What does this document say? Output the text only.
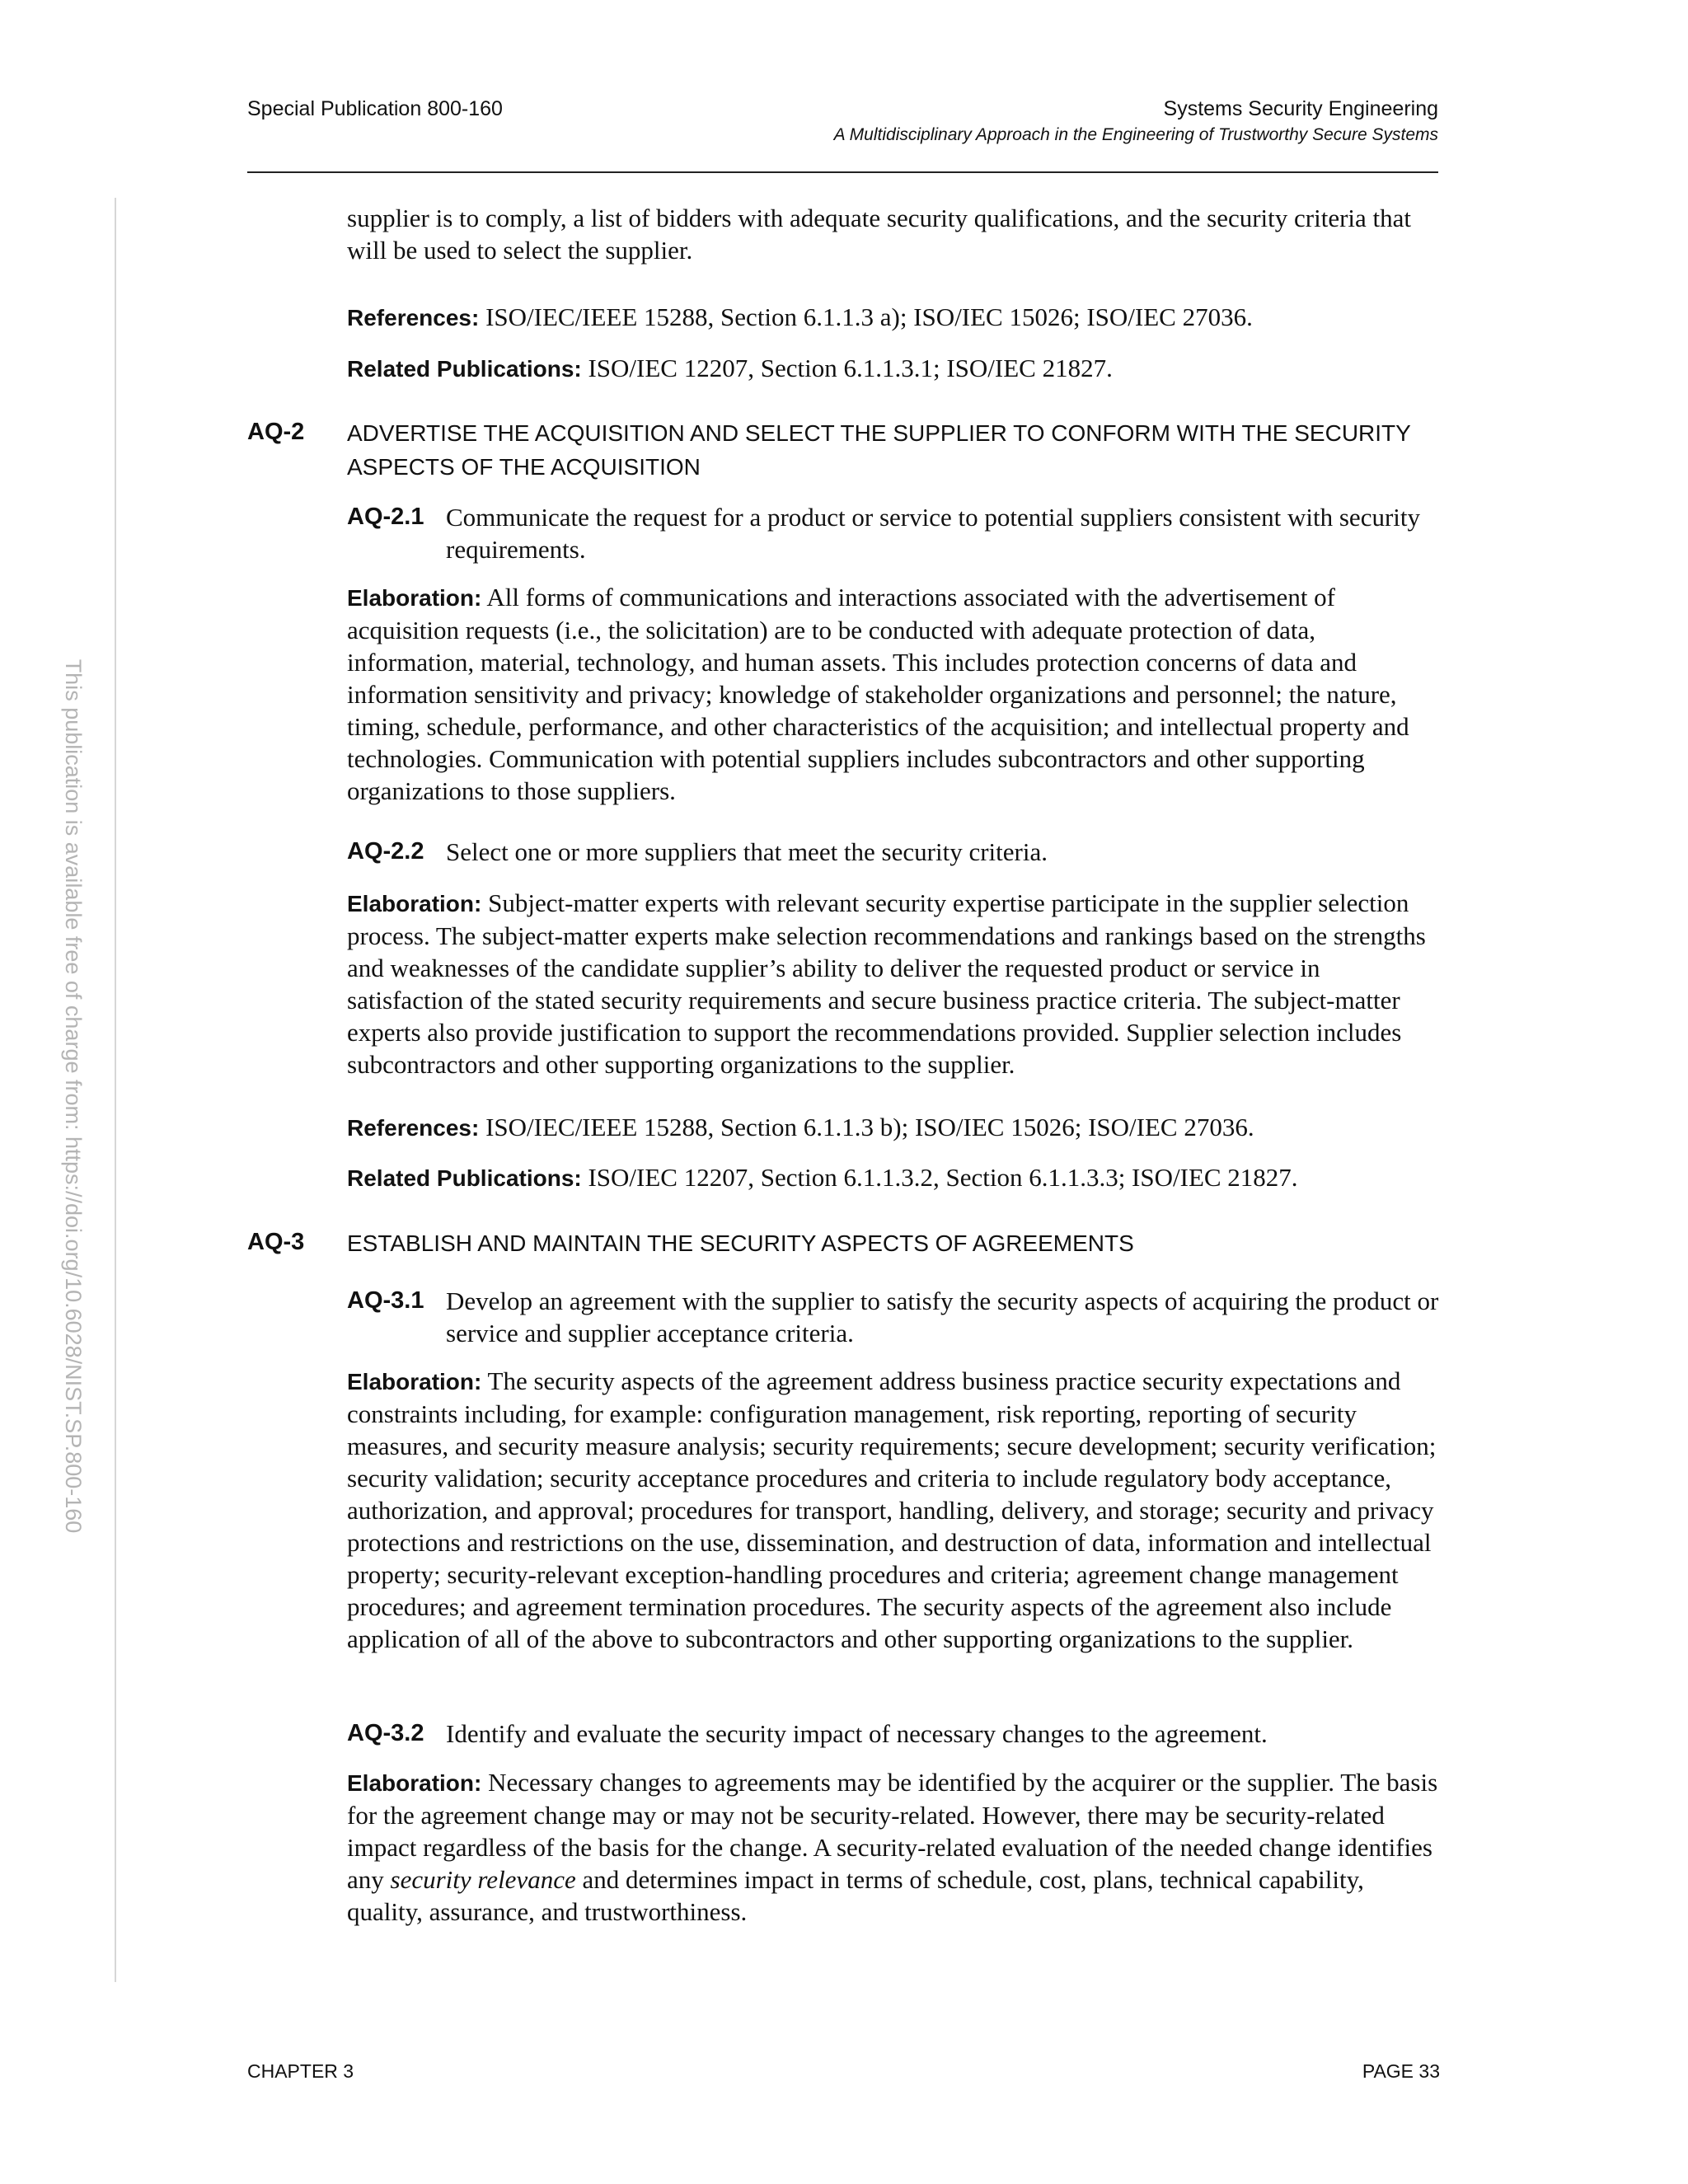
Special Publication 800-160	Systems Security Engineering
A Multidisciplinary Approach in the Engineering of Trustworthy Secure Systems
This publication is available free of charge from: https://doi.org/10.6028/NIST.SP.800-160
supplier is to comply, a list of bidders with adequate security qualifications, and the security criteria that will be used to select the supplier.
References: ISO/IEC/IEEE 15288, Section 6.1.1.3 a); ISO/IEC 15026; ISO/IEC 27036.
Related Publications: ISO/IEC 12207, Section 6.1.1.3.1; ISO/IEC 21827.
AQ-2 ADVERTISE THE ACQUISITION AND SELECT THE SUPPLIER TO CONFORM WITH THE SECURITY
ASPECTS OF THE ACQUISITION
AQ-2.1 Communicate the request for a product or service to potential suppliers consistent with security requirements.
Elaboration: All forms of communications and interactions associated with the advertisement of acquisition requests (i.e., the solicitation) are to be conducted with adequate protection of data, information, material, technology, and human assets. This includes protection concerns of data and information sensitivity and privacy; knowledge of stakeholder organizations and personnel; the nature, timing, schedule, performance, and other characteristics of the acquisition; and intellectual property and technologies. Communication with potential suppliers includes subcontractors and other supporting organizations to those suppliers.
AQ-2.2 Select one or more suppliers that meet the security criteria.
Elaboration: Subject-matter experts with relevant security expertise participate in the supplier selection process. The subject-matter experts make selection recommendations and rankings based on the strengths and weaknesses of the candidate supplier’s ability to deliver the requested product or service in satisfaction of the stated security requirements and secure business practice criteria. The subject-matter experts also provide justification to support the recommendations provided. Supplier selection includes subcontractors and other supporting organizations to the supplier.
References: ISO/IEC/IEEE 15288, Section 6.1.1.3 b); ISO/IEC 15026; ISO/IEC 27036.
Related Publications: ISO/IEC 12207, Section 6.1.1.3.2, Section 6.1.1.3.3; ISO/IEC 21827.
AQ-3 ESTABLISH AND MAINTAIN THE SECURITY ASPECTS OF AGREEMENTS
AQ-3.1 Develop an agreement with the supplier to satisfy the security aspects of acquiring the product or service and supplier acceptance criteria.
Elaboration: The security aspects of the agreement address business practice security expectations and constraints including, for example: configuration management, risk reporting, reporting of security measures, and security measure analysis; security requirements; secure development; security verification; security validation; security acceptance procedures and criteria to include regulatory body acceptance, authorization, and approval; procedures for transport, handling, delivery, and storage; security and privacy protections and restrictions on the use, dissemination, and destruction of data, information and intellectual property; security-relevant exception-handling procedures and criteria; agreement change management procedures; and agreement termination procedures. The security aspects of the agreement also include application of all of the above to subcontractors and other supporting organizations to the supplier.
AQ-3.2 Identify and evaluate the security impact of necessary changes to the agreement.
Elaboration: Necessary changes to agreements may be identified by the acquirer or the supplier. The basis for the agreement change may or may not be security-related. However, there may be security-related impact regardless of the basis for the change. A security-related evaluation of the needed change identifies any security relevance and determines impact in terms of schedule, cost, plans, technical capability, quality, assurance, and trustworthiness.
CHAPTER 3	PAGE 33
